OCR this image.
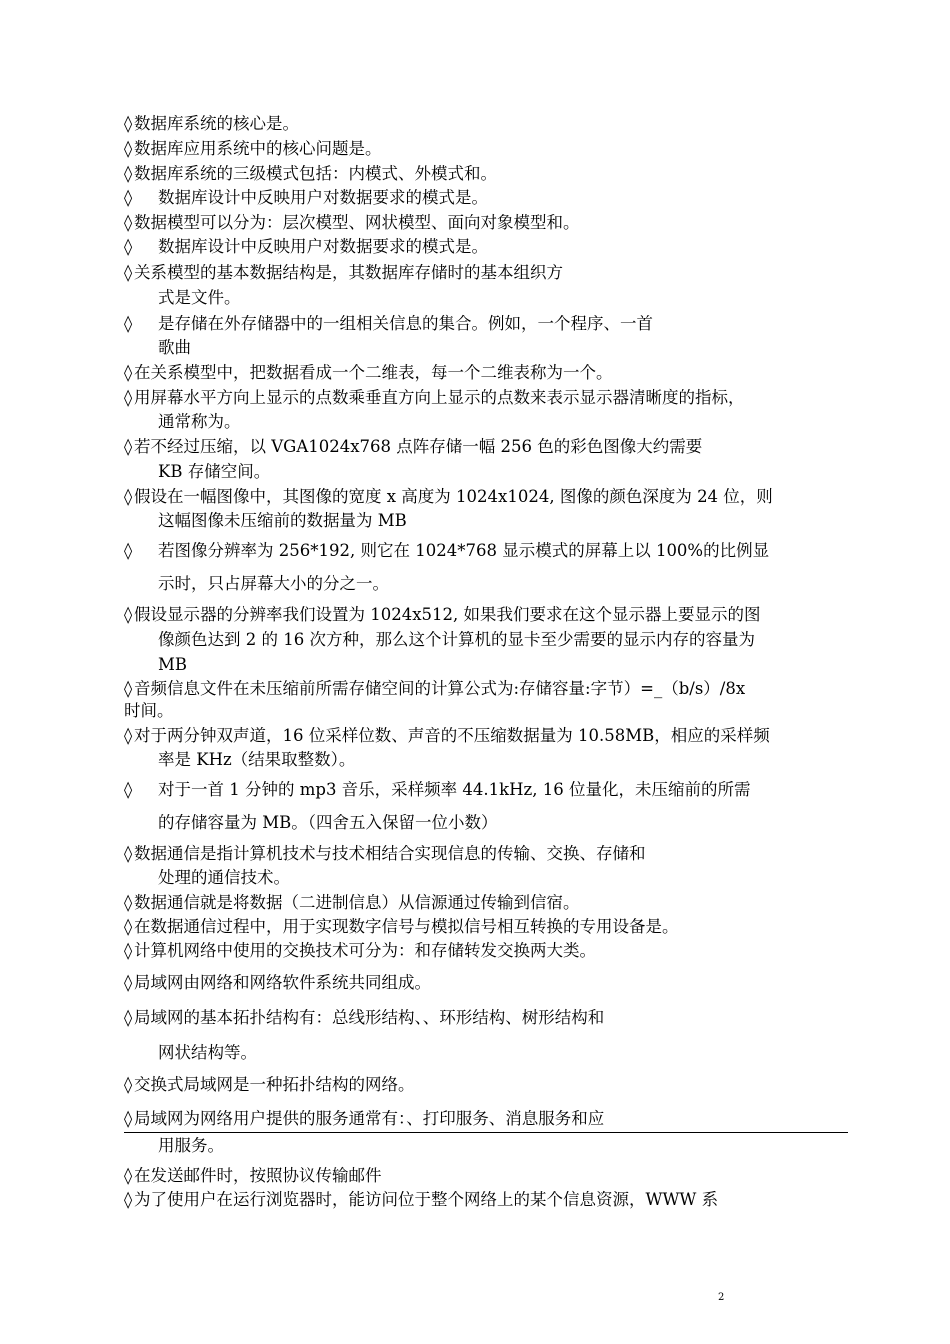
◊ 数据库系统的核心是。
◊ 数据库应用系统中的核心问题是。
◊ 数据库系统的三级模式包括：内模式、外模式和。
◊ 数据库设计中反映用户对数据要求的模式是。
◊ 数据模型可以分为：层次模型、网状模型、面向对象模型和。
◊ 数据库设计中反映用户对数据要求的模式是。
◊ 关系模型的基本数据结构是，其数据库存储时的基本组织方
式是文件。
◊ 是存储在外存储器中的一组相关信息的集合。例如，一个程序、一首
歌曲
◊ 在关系模型中，把数据看成一个二维表，每一个二维表称为一个。
◊ 用屏幕水平方向上显示的点数乘垂直方向上显示的点数来表示显示器清晰度的指标，
通常称为。
◊ 若不经过压缩，以 VGA1024x768 点阵存储一幅 256 色的彩色图像大约需要
KB 存储空间。
◊ 假设在一幅图像中，其图像的宽度 x 高度为 1024x1024, 图像的颜色深度为 24 位，则
这幅图像未压缩前的数据量为 MB
◊ 若图像分辨率为 256*192, 则它在 1024*768 显示模式的屏幕上以 100%的比例显
示时，只占屏幕大小的分之一。
◊ 假设显示器的分辨率我们设置为 1024x512, 如果我们要求在这个显示器上要显示的图
像颜色达到 2 的 16 次方种，那么这个计算机的显卡至少需要的显示内存的容量为
MB
◊ 音频信息文件在未压缩前所需存储空间的计算公式为:存储容量:字节）=_（b/s）/8x
时间。
◊ 对于两分钟双声道，16 位采样位数、声音的不压缩数据量为 10.58MB，相应的采样频
率是 KHz（结果取整数）。
◊ 对于一首 1 分钟的 mp3 音乐，采样频率 44.1kHz, 16 位量化，未压缩前的所需
的存储容量为 MB。（四舍五入保留一位小数）
◊ 数据通信是指计算机技术与技术相结合实现信息的传输、交换、存储和
处理的通信技术。
◊ 数据通信就是将数据（二进制信息）从信源通过传输到信宿。
◊ 在数据通信过程中，用于实现数字信号与模拟信号相互转换的专用设备是。
◊ 计算机网络中使用的交换技术可分为：和存储转发交换两大类。
◊ 局域网由网络和网络软件系统共同组成。
◊ 局域网的基本拓扑结构有：总线形结构、、环形结构、树形结构和
网状结构等。
◊ 交换式局域网是一种拓扑结构的网络。
◊ 局域网为网络用户提供的服务通常有：、打印服务、消息服务和应
用服务。
◊ 在发送邮件时，按照协议传输邮件
◊ 为了使用户在运行浏览器时，能访问位于整个网络上的某个信息资源，WWW 系
2
